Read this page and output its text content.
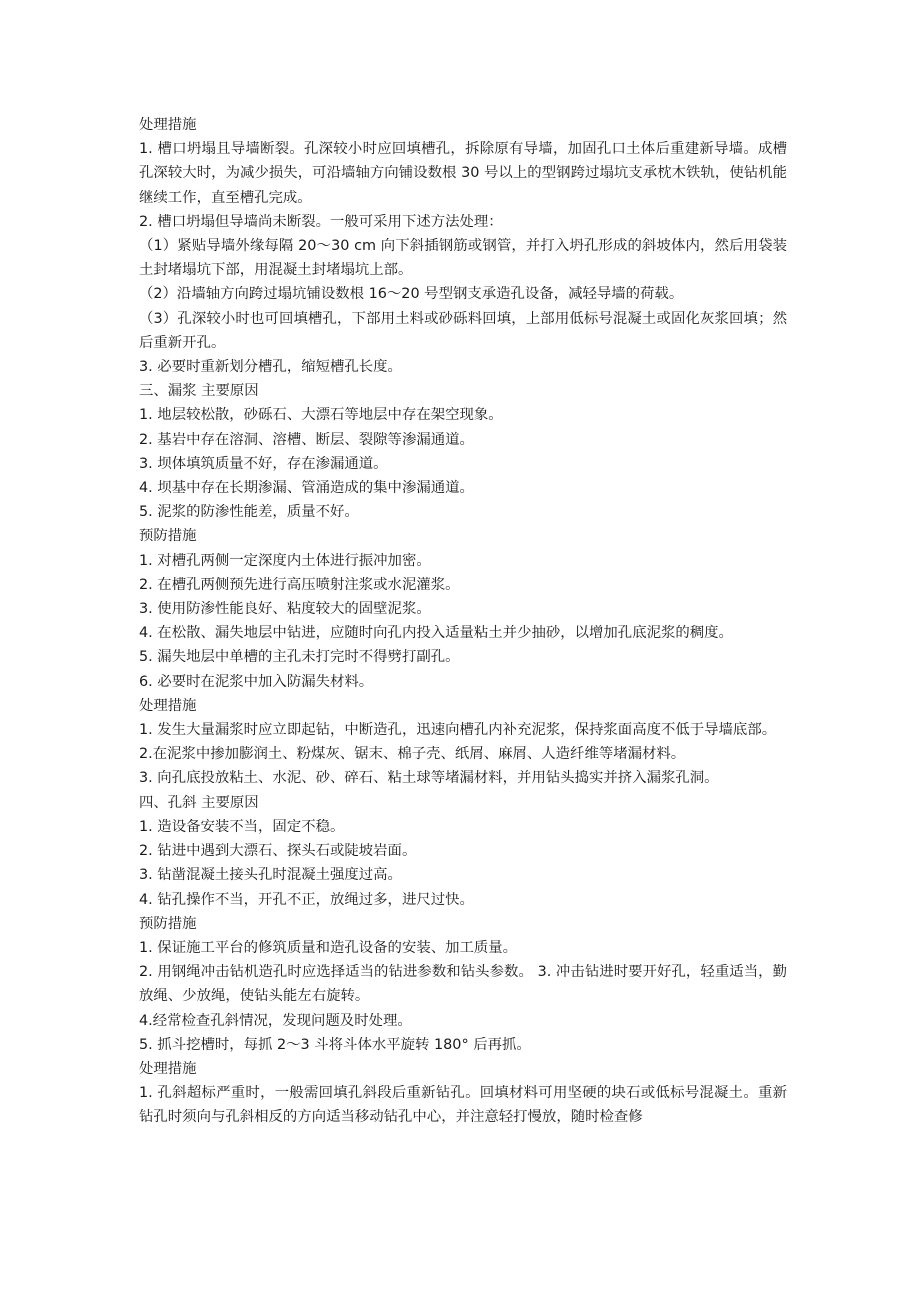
处理措施

1. 槽口坍塌且导墙断裂。孔深较小时应回填槽孔，拆除原有导墙，加固孔口土体后重建新导墙。成槽孔深较大时，为减少损失，可沿墙轴方向铺设数根 30 号以上的型钢跨过塌坑支承枕木铁轨，使钻机能继续工作，直至槽孔完成。

2. 槽口坍塌但导墙尚未断裂。一般可采用下述方法处理：

（1）紧贴导墙外缘每隔 20～30 cm 向下斜插钢筋或钢管，并打入坍孔形成的斜坡体内，然后用袋装土封堵塌坑下部，用混凝土封堵塌坑上部。

（2）沿墙轴方向跨过塌坑铺设数根 16～20 号型钢支承造孔设备，减轻导墙的荷载。

（3）孔深较小时也可回填槽孔，下部用土料或砂砾料回填，上部用低标号混凝土或固化灰浆回填；然后重新开孔。

3. 必要时重新划分槽孔，缩短槽孔长度。

三、漏浆 主要原因

1. 地层较松散，砂砾石、大漂石等地层中存在架空现象。

2. 基岩中存在溶洞、溶槽、断层、裂隙等渗漏通道。

3. 坝体填筑质量不好，存在渗漏通道。

4. 坝基中存在长期渗漏、管涌造成的集中渗漏通道。

5. 泥浆的防渗性能差，质量不好。

预防措施

1. 对槽孔两侧一定深度内土体进行振冲加密。

2. 在槽孔两侧预先进行高压喷射注浆或水泥灌浆。

3. 使用防渗性能良好、粘度较大的固壁泥浆。

4. 在松散、漏失地层中钻进，应随时向孔内投入适量粘土并少抽砂，以增加孔底泥浆的稠度。

5. 漏失地层中单槽的主孔未打完时不得劈打副孔。

6. 必要时在泥浆中加入防漏失材料。

处理措施

1. 发生大量漏浆时应立即起钻，中断造孔，迅速向槽孔内补充泥浆，保持浆面高度不低于导墙底部。

2.在泥浆中掺加膨润土、粉煤灰、锯末、棉子壳、纸屑、麻屑、人造纤维等堵漏材料。

3. 向孔底投放粘土、水泥、砂、碎石、粘土球等堵漏材料，并用钻头捣实并挤入漏浆孔洞。

四、孔斜 主要原因

1. 造设备安装不当，固定不稳。

2. 钻进中遇到大漂石、探头石或陡坡岩面。

3. 钻凿混凝土接头孔时混凝土强度过高。

4. 钻孔操作不当，开孔不正，放绳过多，进尺过快。

预防措施

1. 保证施工平台的修筑质量和造孔设备的安装、加工质量。

2. 用钢绳冲击钻机造孔时应选择适当的钻进参数和钻头参数。 3. 冲击钻进时要开好孔，轻重适当，勤放绳、少放绳，使钻头能左右旋转。

4.经常检查孔斜情况，发现问题及时处理。

5. 抓斗挖槽时，每抓 2～3 斗将斗体水平旋转 180° 后再抓。

处理措施

1. 孔斜超标严重时，一般需回填孔斜段后重新钻孔。回填材料可用坚硬的块石或低标号混凝土。重新钻孔时须向与孔斜相反的方向适当移动钻孔中心，并注意轻打慢放，随时检查修
